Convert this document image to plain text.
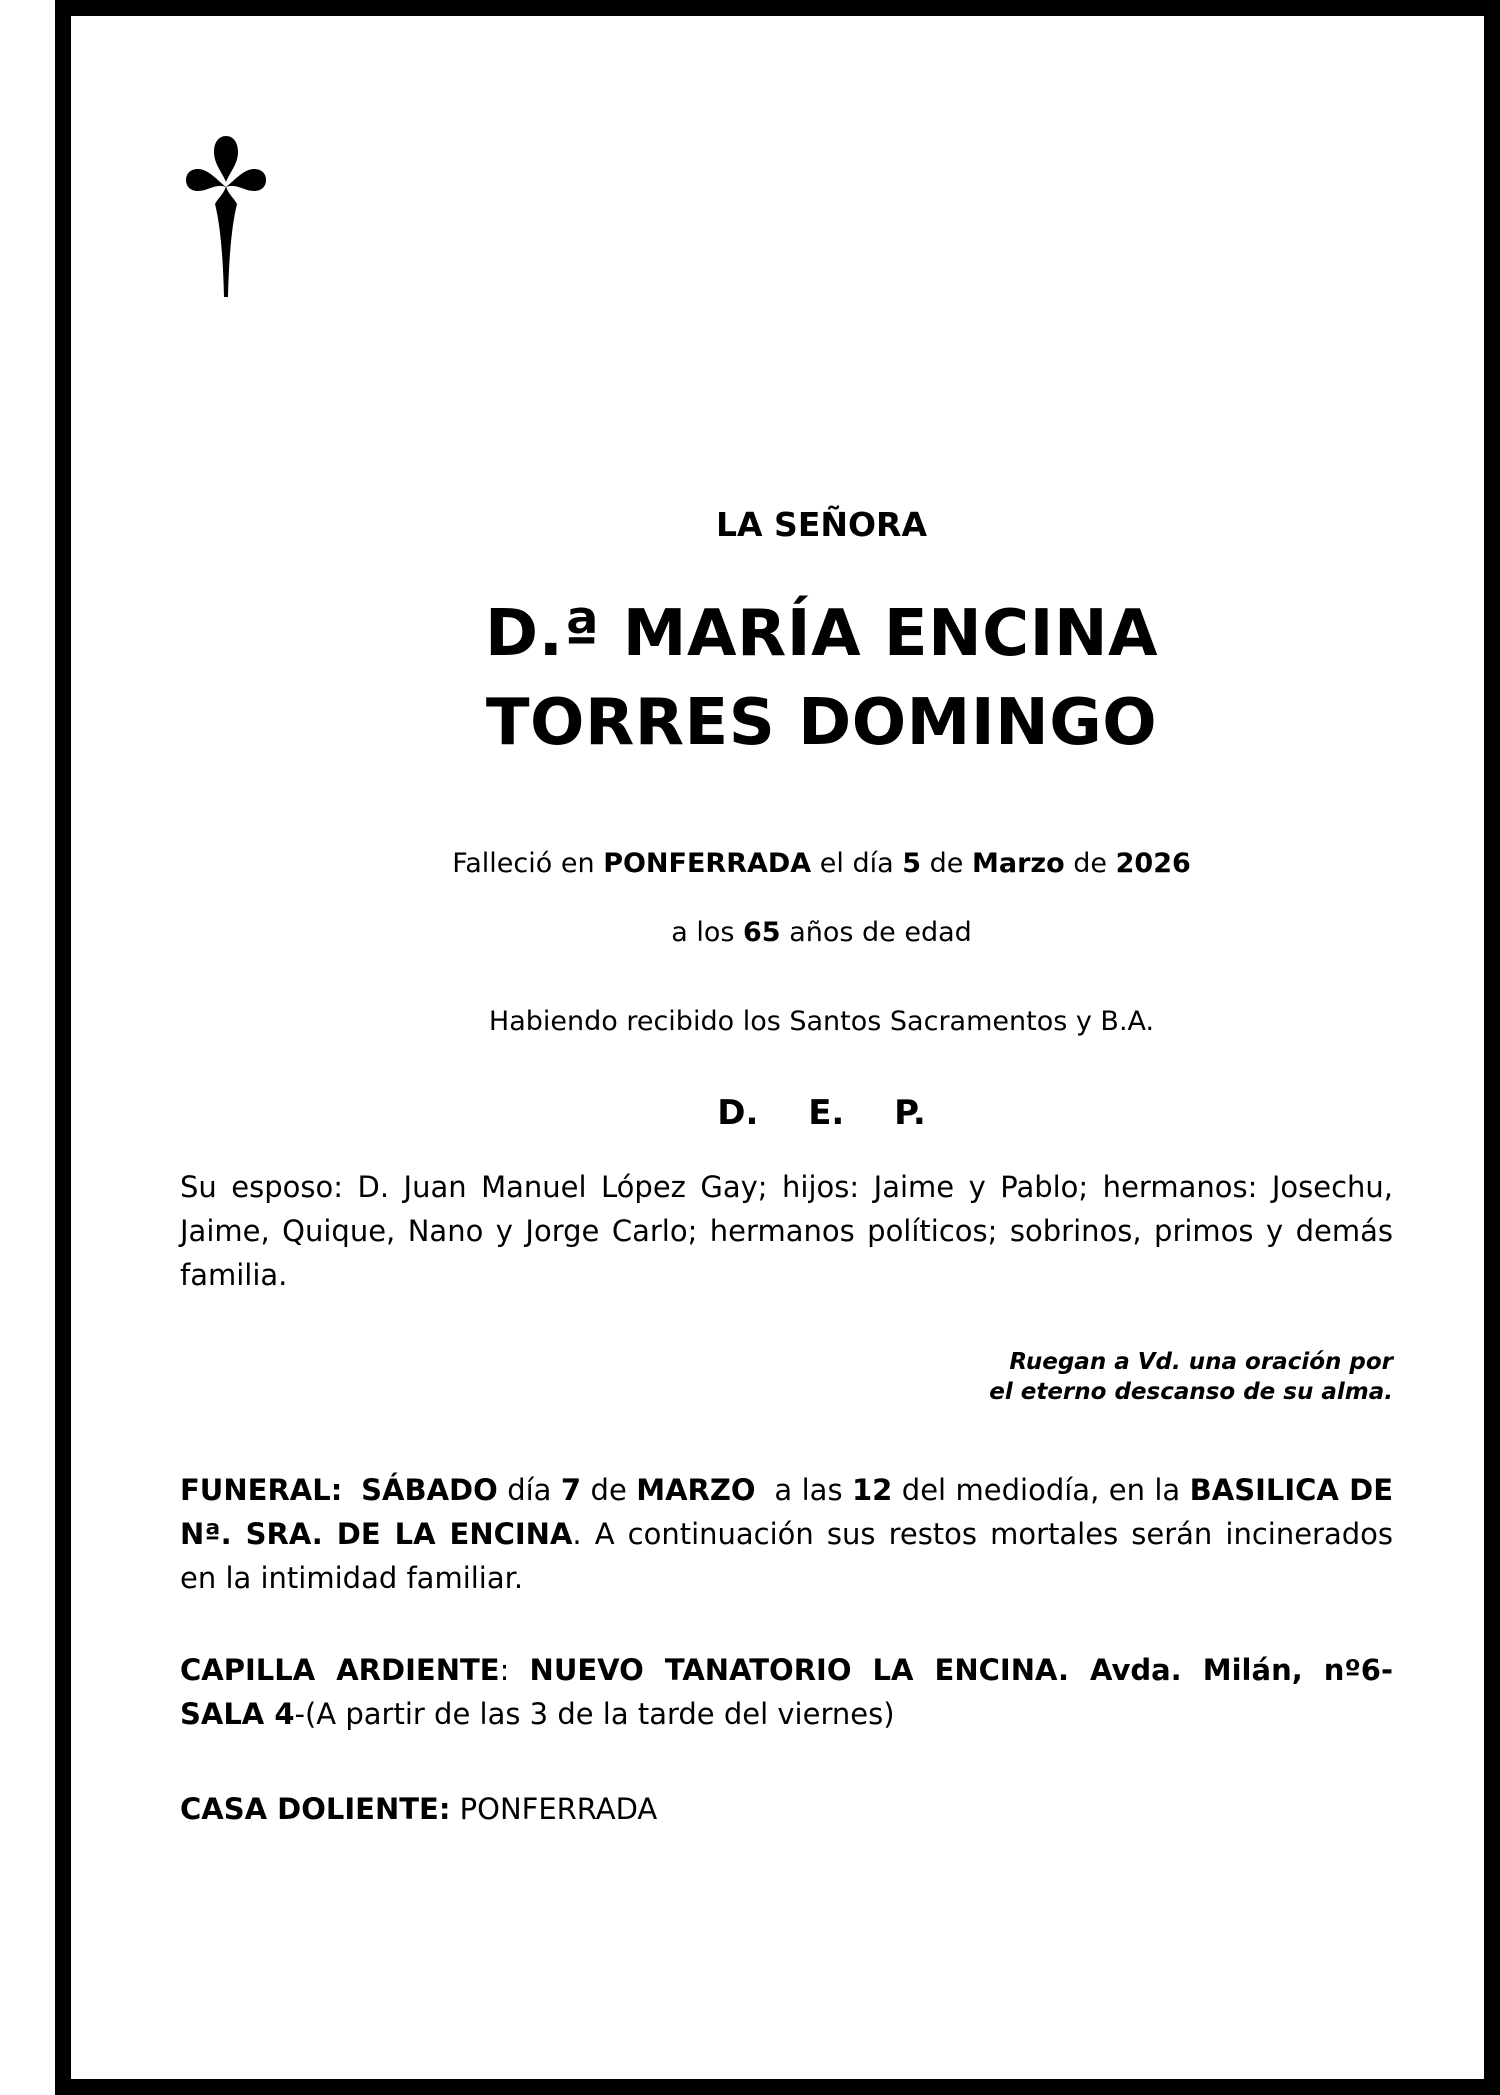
LA SEÑORA
D.ª MARÍA ENCINA
TORRES DOMINGO
Falleció en PONFERRADA el día 5 de Marzo de 2026
a los 65 años de edad
Habiendo recibido los Santos Sacramentos y B.A.
D. E. P.
Su esposo: D. Juan Manuel López Gay; hijos: Jaime y Pablo; hermanos: Josechu, Jaime, Quique, Nano y Jorge Carlo; hermanos políticos; sobrinos, primos y demás familia.
Ruegan a Vd. una oración por
el eterno descanso de su alma.
FUNERAL: SÁBADO día 7 de MARZO a las 12 del mediodía, en la BASILICA DE Nª. SRA. DE LA ENCINA. A continuación sus restos mortales serán incinerados en la intimidad familiar.
CAPILLA ARDIENTE: NUEVO TANATORIO LA ENCINA. Avda. Milán, nº6- SALA 4-(A partir de las 3 de la tarde del viernes)
CASA DOLIENTE: PONFERRADA
